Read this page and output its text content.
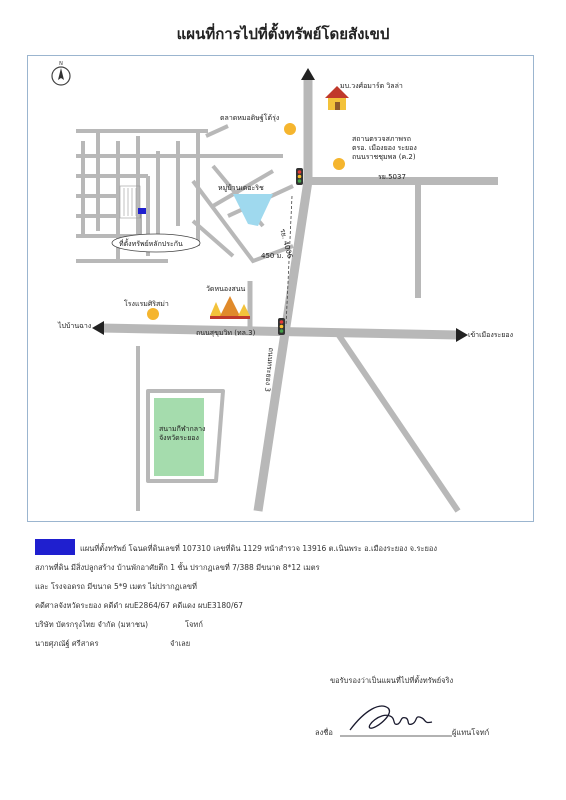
แผนที่การไปที่ตั้งทรัพย์โดยสังเขป
N
มบ.วงศ์อมาร์ต วิลล่า
ตลาดหมอดิษฐ์โต้รุ่ง
สถานตรวจสภาพรถ
ตรอ. เมืองยอง ระยอง
ถนนราชชุมพล (ค.2)
รย.5037
หมู่บ้านเดอะริช
รย. 4006
ที่ตั้งทรัพย์หลักประกัน
450 ม.
วัดหนองสนน
โรงแรมศิริสม่า
ไปบ้านฉาง
ถนนสุขุมวิท (ทล.3)	เข้าเมืองระยอง
ถนนทระยอง 3
สนามกีฬากลาง
จังหวัดระยอง
แผนที่ตั้งทรัพย์ โฉนดที่ดินเลขที่ 107310 เลขที่ดิน 1129 หน้าสำรวจ 13916 ต.เนินพระ อ.เมืองระยอง จ.ระยอง
สภาพที่ดิน มีสิ่งปลูกสร้าง บ้านพักอาศัยตึก 1 ชั้น ปรากฏเลขที่ 7/388 มีขนาด 8*12 เมตร
และ โรงจอดรถ มีขนาด 5*9 เมตร ไม่ปรากฏเลขที่
คดีศาลจังหวัดระยอง คดีดำ ผบE2864/67 คดีแดง ผบE3180/67
บริษัท บัตรกรุงไทย จำกัด (มหาชน)	โจทก์
นายศุภณัฐ์ ศรีสาคร	จำเลย
ขอรับรองว่าเป็นแผนที่ไปที่ตั้งทรัพย์จริง
ลงชื่อ	ผู้แทนโจทก์
